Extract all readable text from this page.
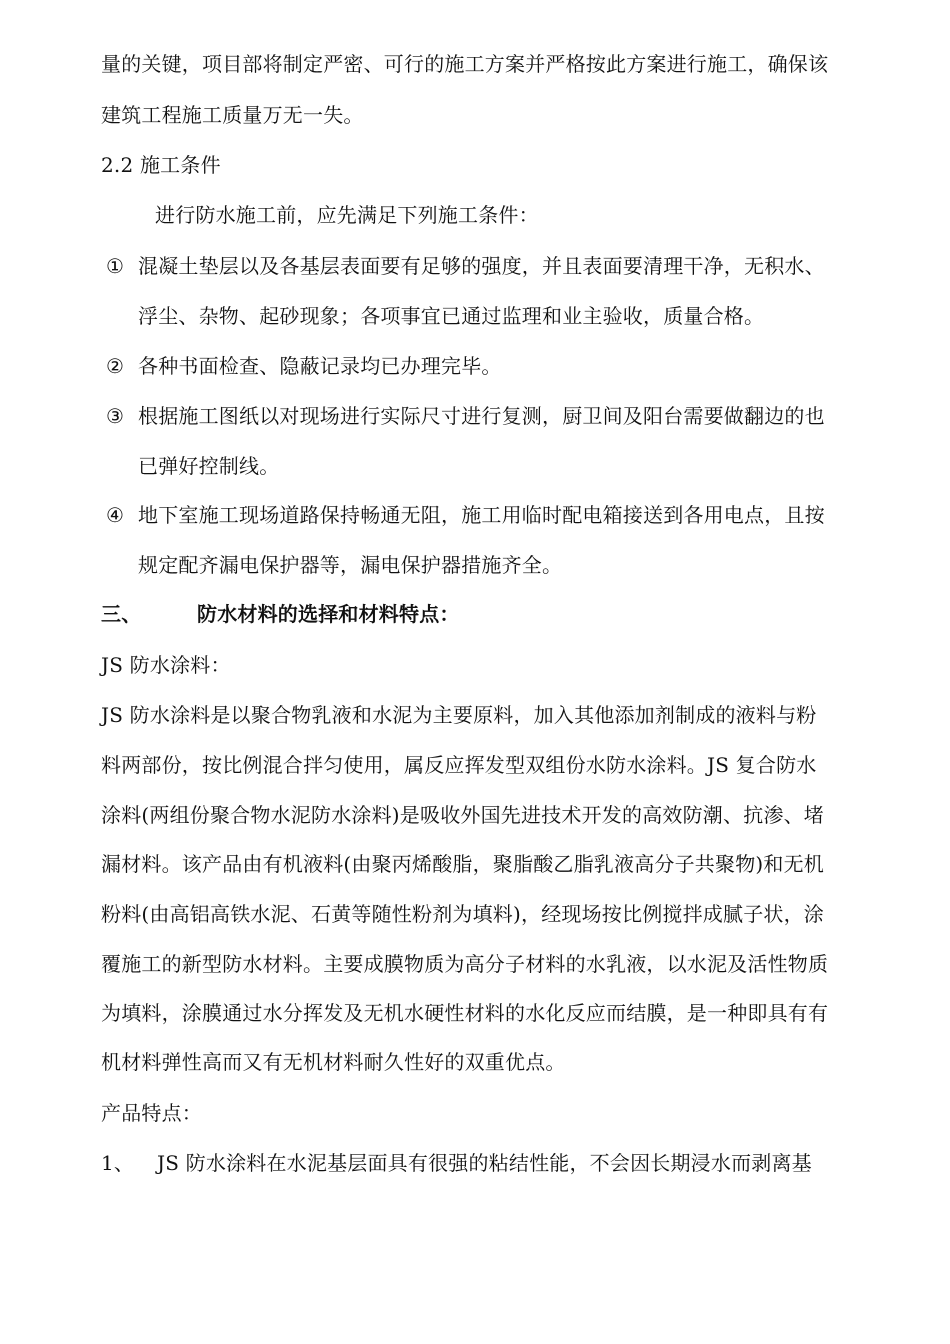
量的关键，项目部将制定严密、可行的施工方案并严格按此方案进行施工，确保该
建筑工程施工质量万无一失。
2.2 施工条件
进行防水施工前，应先满足下列施工条件：
① 混凝土垫层以及各基层表面要有足够的强度，并且表面要清理干净，无积水、
浮尘、杂物、起砂现象；各项事宜已通过监理和业主验收，质量合格。
② 各种书面检查、隐蔽记录均已办理完毕。
③ 根据施工图纸以对现场进行实际尺寸进行复测，厨卫间及阳台需要做翻边的也
已弹好控制线。
④ 地下室施工现场道路保持畅通无阻，施工用临时配电箱接送到各用电点，且按
规定配齐漏电保护器等，漏电保护器措施齐全。
三、	防水材料的选择和材料特点：
JS 防水涂料：
JS 防水涂料是以聚合物乳液和水泥为主要原料，加入其他添加剂制成的液料与粉
料两部份，按比例混合拌匀使用，属反应挥发型双组份水防水涂料。JS 复合防水
涂料(两组份聚合物水泥防水涂料)是吸收外国先进技术开发的高效防潮、抗渗、堵
漏材料。该产品由有机液料(由聚丙烯酸脂，聚脂酸乙脂乳液高分子共聚物)和无机
粉料(由高铝高铁水泥、石黄等随性粉剂为填料)，经现场按比例搅拌成腻子状，涂
覆施工的新型防水材料。主要成膜物质为高分子材料的水乳液，以水泥及活性物质
为填料，涂膜通过水分挥发及无机水硬性材料的水化反应而结膜，是一种即具有有
机材料弹性高而又有无机材料耐久性好的双重优点。
产品特点：
1、 JS 防水涂料在水泥基层面具有很强的粘结性能，不会因长期浸水而剥离基
